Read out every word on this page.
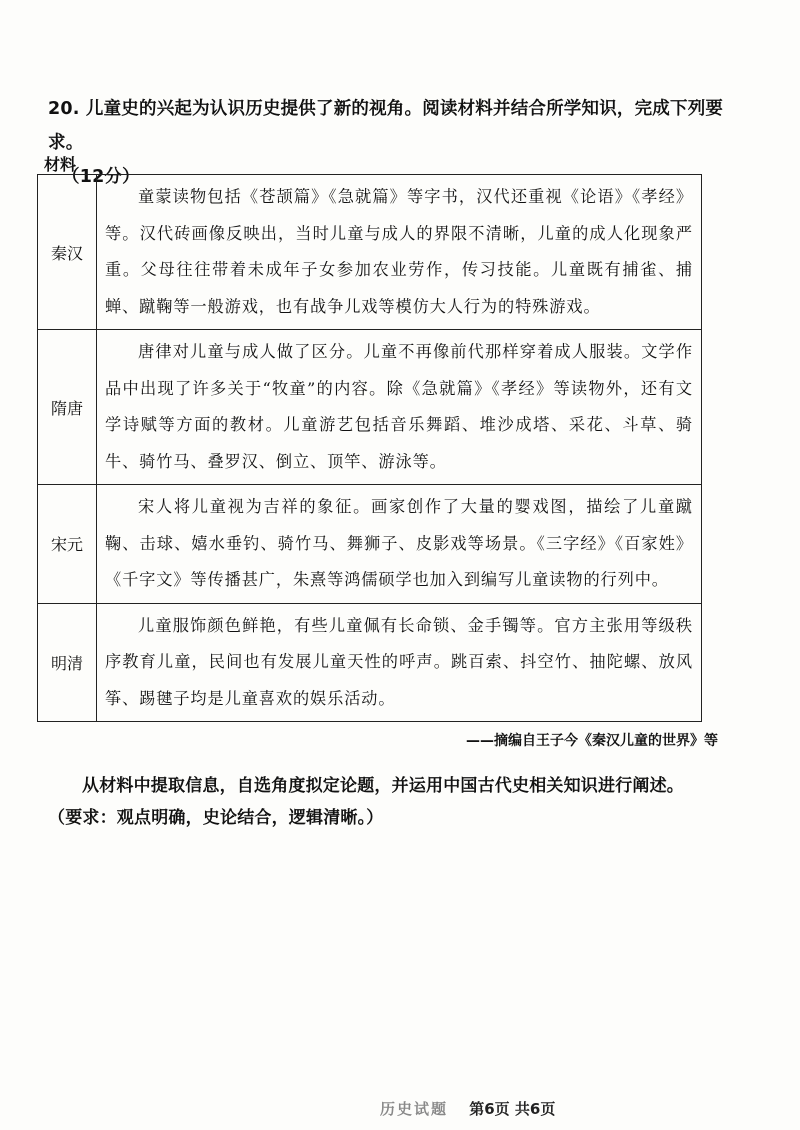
20. 儿童史的兴起为认识历史提供了新的视角。阅读材料并结合所学知识，完成下列要求。
（12分）
材料
秦汉	童蒙读物包括《苍颉篇》《急就篇》等字书，汉代还重视《论语》《孝经》等。汉代砖画像反映出，当时儿童与成人的界限不清晰，儿童的成人化现象严重。父母往往带着未成年子女参加农业劳作，传习技能。儿童既有捕雀、捕蝉、蹴鞠等一般游戏，也有战争儿戏等模仿大人行为的特殊游戏。
隋唐	唐律对儿童与成人做了区分。儿童不再像前代那样穿着成人服装。文学作品中出现了许多关于“牧童”的内容。除《急就篇》《孝经》等读物外，还有文学诗赋等方面的教材。儿童游艺包括音乐舞蹈、堆沙成塔、采花、斗草、骑牛、骑竹马、叠罗汉、倒立、顶竿、游泳等。
宋元	宋人将儿童视为吉祥的象征。画家创作了大量的婴戏图，描绘了儿童蹴鞠、击球、嬉水垂钓、骑竹马、舞狮子、皮影戏等场景。《三字经》《百家姓》《千字文》等传播甚广，朱熹等鸿儒硕学也加入到编写儿童读物的行列中。
明清	儿童服饰颜色鲜艳，有些儿童佩有长命锁、金手镯等。官方主张用等级秩序教育儿童，民间也有发展儿童天性的呼声。跳百索、抖空竹、抽陀螺、放风筝、踢毽子均是儿童喜欢的娱乐活动。
——摘编自王子今《秦汉儿童的世界》等
从材料中提取信息，自选角度拟定论题，并运用中国古代史相关知识进行阐述。（要求：观点明确，史论结合，逻辑清晰。）
历史试题 第6页 共6页
